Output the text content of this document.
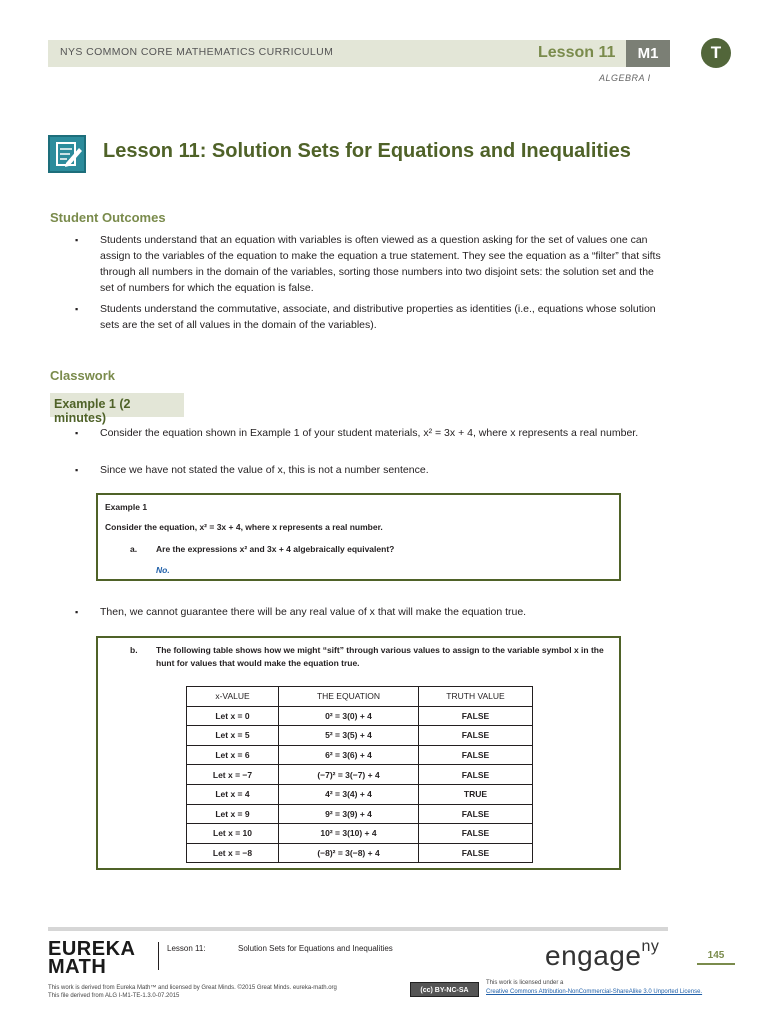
NYS COMMON CORE MATHEMATICS CURRICULUM	Lesson 11	M1	T
ALGEBRA I
Lesson 11: Solution Sets for Equations and Inequalities
Student Outcomes
▪ Students understand that an equation with variables is often viewed as a question asking for the set of values one can assign to the variables of the equation to make the equation a true statement. They see the equation as a “filter” that sifts through all numbers in the domain of the variables, sorting those numbers into two disjoint sets: the solution set and the set of numbers for which the equation is false.
▪ Students understand the commutative, associate, and distributive properties as identities (i.e., equations whose solution sets are the set of all values in the domain of the variables).
Classwork
Example 1 (2 minutes)
▪ Consider the equation shown in Example 1 of your student materials, x² = 3x + 4, where x represents a real number.
▪ Since we have not stated the value of x, this is not a number sentence.
Example 1
Consider the equation, x² = 3x + 4, where x represents a real number.
a. Are the expressions x² and 3x + 4 algebraically equivalent?
No.
▪ Then, we cannot guarantee there will be any real value of x that will make the equation true.
b. The following table shows how we might “sift” through various values to assign to the variable symbol x in the hunt for values that would make the equation true.
x-VALUE	THE EQUATION	TRUTH VALUE
Let x = 0	0² = 3(0) + 4	FALSE
Let x = 5	5² = 3(5) + 4	FALSE
Let x = 6	6² = 3(6) + 4	FALSE
Let x = −7	(−7)² = 3(−7) + 4	FALSE
Let x = 4	4² = 3(4) + 4	TRUE
Let x = 9	9² = 3(9) + 4	FALSE
Let x = 10	10² = 3(10) + 4	FALSE
Let x = −8	(−8)² = 3(−8) + 4	FALSE
EUREKA MATH
Lesson 11:	Solution Sets for Equations and Inequalities	engage$^{ny}$
145
This work is derived from Eureka Math™ and licensed by Great Minds. ©2015 Great Minds. eureka-math.org
This file derived from ALG I-M1-TE-1.3.0-07.2015
(cc) BY-NC-SA
This work is licensed under a
Creative Commons Attribution-NonCommercial-ShareAlike 3.0 Unported License.
